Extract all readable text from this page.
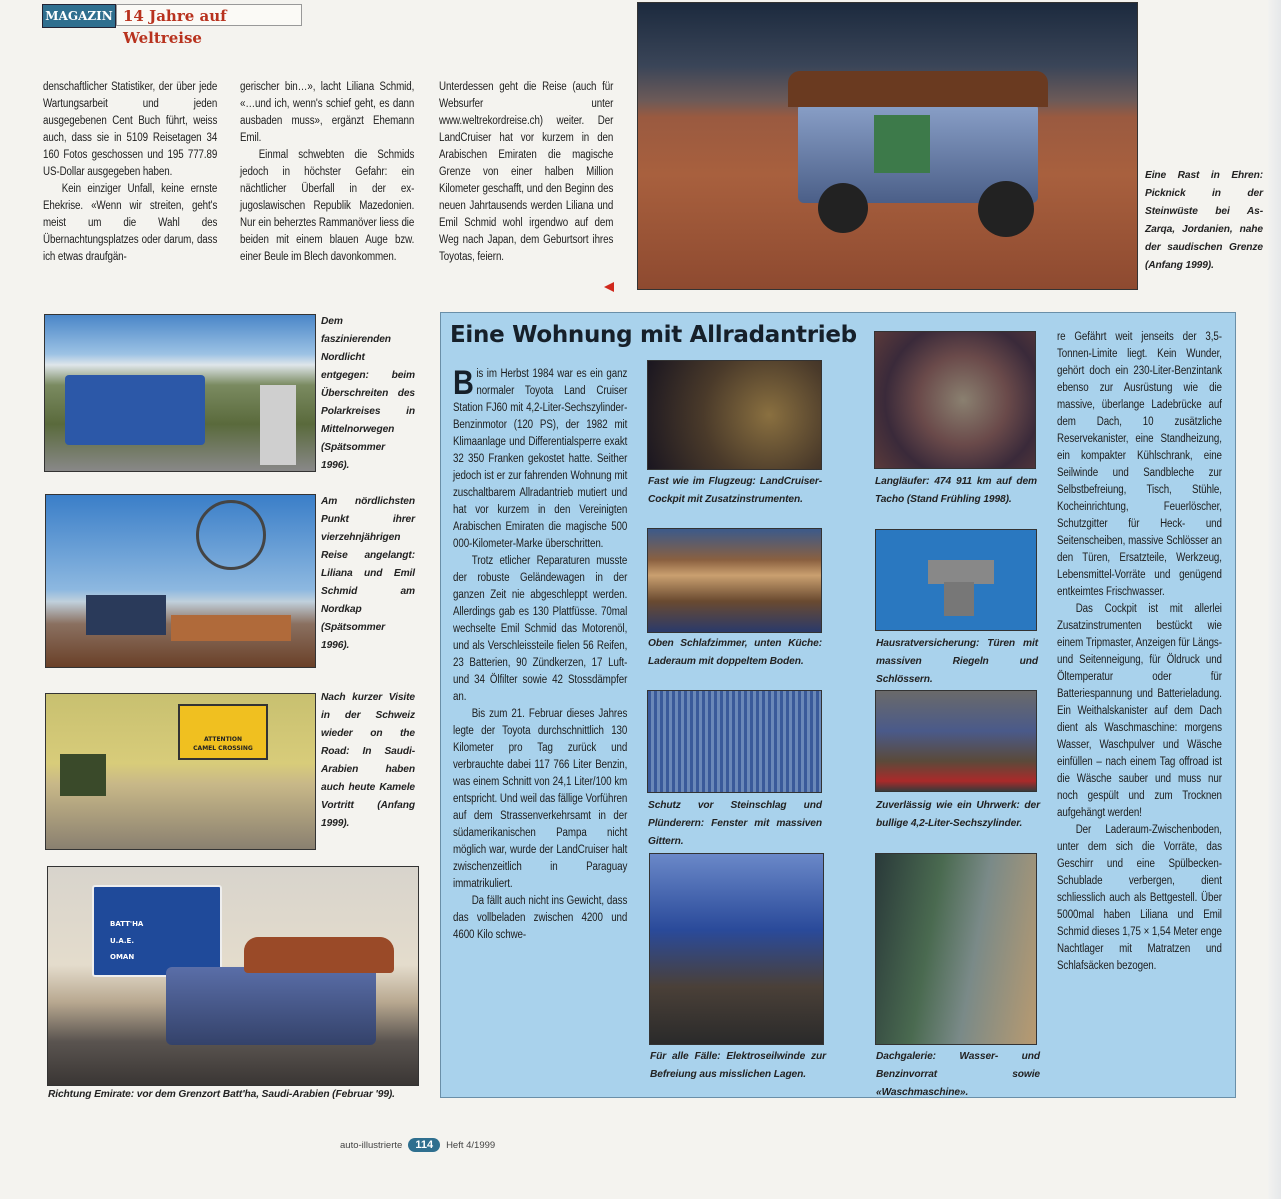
MAGAZIN 14 Jahre auf Weltreise

denschaftlicher Statistiker, der über jede Wartungsarbeit und jeden ausgegebenen Cent Buch führt, weiss auch, dass sie in 5109 Reisetagen 34 160 Fotos geschossen und 195 777.89 US-Dollar ausgegeben haben.

Kein einziger Unfall, keine ernste Ehekrise. «Wenn wir streiten, geht's meist um die Wahl des Übernachtungsplatzes oder darum, dass ich etwas draufgän-

gerischer bin…», lacht Liliana Schmid, «…und ich, wenn's schief geht, es dann ausbaden muss», ergänzt Ehemann Emil.

Einmal schwebten die Schmids jedoch in höchster Gefahr: ein nächtlicher Überfall in der ex-jugoslawischen Republik Mazedonien. Nur ein beherztes Rammanöver liess die beiden mit einem blauen Auge bzw. einer Beule im Blech davonkommen.

Unterdessen geht die Reise (auch für Websurfer unter www.weltrekordreise.ch) weiter. Der LandCruiser hat vor kurzem in den Arabischen Emiraten die magische Grenze von einer halben Million Kilometer geschafft, und den Beginn des neuen Jahrtausends werden Liliana und Emil Schmid wohl irgendwo auf dem Weg nach Japan, dem Geburtsort ihres Toyotas, feiern.

Eine Rast in Ehren: Picknick in der Steinwüste bei As-Zarqa, Jordanien, nahe der saudischen Grenze (Anfang 1999).
Dem faszinierenden Nordlicht entgegen: beim Überschreiten des Polarkreises in Mittelnorwegen (Spätsommer 1996).
Am nördlichsten Punkt ihrer vierzehnjährigen Reise angelangt: Liliana und Emil Schmid am Nordkap (Spätsommer 1996).
ATTENTION
CAMEL CROSSING
Nach kurzer Visite in der Schweiz wieder on the Road: In Saudi-Arabien haben auch heute Kamele Vortritt (Anfang 1999).
BATT'HA
U.A.E.
OMAN
Richtung Emirate: vor dem Grenzort Batt'ha, Saudi-Arabien (Februar '99).
Eine Wohnung mit Allradantrieb

Bis im Herbst 1984 war es ein ganz normaler Toyota Land Cruiser Station FJ60 mit 4,2-Liter-Sechszylinder-Benzinmotor (120 PS), der 1982 mit Klimaanlage und Differentialsperre exakt 32 350 Franken gekostet hatte. Seither jedoch ist er zur fahrenden Wohnung mit zuschaltbarem Allradantrieb mutiert und hat vor kurzem in den Vereinigten Arabischen Emiraten die magische 500 000-Kilometer-Marke überschritten.

Trotz etlicher Reparaturen musste der robuste Geländewagen in der ganzen Zeit nie abgeschleppt werden. Allerdings gab es 130 Plattfüsse. 70mal wechselte Emil Schmid das Motorenöl, und als Verschleissteile fielen 56 Reifen, 23 Batterien, 90 Zündkerzen, 17 Luft- und 34 Ölfilter sowie 42 Stossdämpfer an.

Bis zum 21. Februar dieses Jahres legte der Toyota durchschnittlich 130 Kilometer pro Tag zurück und verbrauchte dabei 117 766 Liter Benzin, was einem Schnitt von 24,1 Liter/100 km entspricht. Und weil das fällige Vorführen auf dem Strassenverkehrsamt in der südamerikanischen Pampa nicht möglich war, wurde der LandCruiser halt zwischenzeitlich in Paraguay immatrikuliert.

Da fällt auch nicht ins Gewicht, dass das vollbeladen zwischen 4200 und 4600 Kilo schwe-

Fast wie im Flugzeug: LandCruiser-Cockpit mit Zusatzinstrumenten.
Oben Schlafzimmer, unten Küche: Laderaum mit doppeltem Boden.
Schutz vor Steinschlag und Plünderern: Fenster mit massiven Gittern.
Für alle Fälle: Elektroseilwinde zur Befreiung aus misslichen Lagen.
Langläufer: 474 911 km auf dem Tacho (Stand Frühling 1998).
Hausratversicherung: Türen mit massiven Riegeln und Schlössern.
Zuverlässig wie ein Uhrwerk: der bullige 4,2-Liter-Sechszylinder.
Dachgalerie: Wasser- und Benzinvorrat sowie «Waschmaschine».

re Gefährt weit jenseits der 3,5-Tonnen-Limite liegt. Kein Wunder, gehört doch ein 230-Liter-Benzintank ebenso zur Ausrüstung wie die massive, überlange Ladebrücke auf dem Dach, 10 zusätzliche Reservekanister, eine Standheizung, ein kompakter Kühlschrank, eine Seilwinde und Sandbleche zur Selbstbefreiung, Tisch, Stühle, Kocheinrichtung, Feuerlöscher, Schutzgitter für Heck- und Seitenscheiben, massive Schlösser an den Türen, Ersatzteile, Werkzeug, Lebensmittel-Vorräte und genügend entkeimtes Frischwasser.

Das Cockpit ist mit allerlei Zusatzinstrumenten bestückt wie einem Tripmaster, Anzeigen für Längs- und Seitenneigung, für Öldruck und Öltemperatur oder für Batteriespannung und Batterieladung. Ein Weithalskanister auf dem Dach dient als Waschmaschine: morgens Wasser, Waschpulver und Wäsche einfüllen – nach einem Tag offroad ist die Wäsche sauber und muss nur noch gespült und zum Trocknen aufgehängt werden!

Der Laderaum-Zwischenboden, unter dem sich die Vorräte, das Geschirr und eine Spülbecken-Schublade verbergen, dient schliesslich auch als Bettgestell. Über 5000mal haben Liliana und Emil Schmid dieses 1,75 × 1,54 Meter enge Nachtlager mit Matratzen und Schlafsäcken bezogen.

auto-illustrierte	114	Heft 4/1999
